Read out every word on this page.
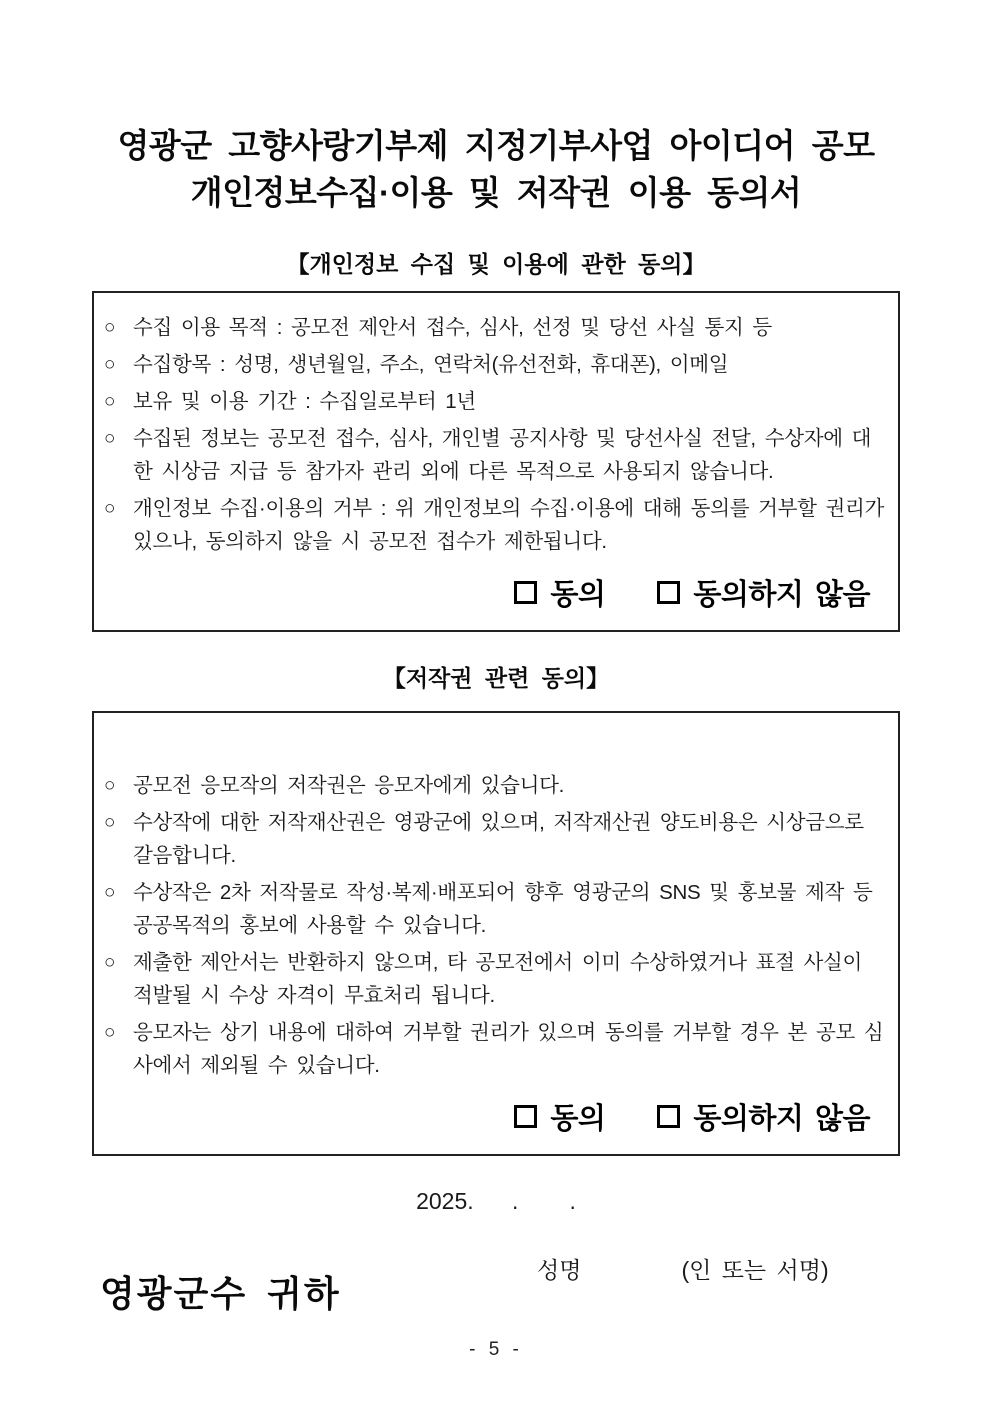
영광군 고향사랑기부제 지정기부사업 아이디어 공모
개인정보수집·이용 및 저작권 이용 동의서
【개인정보 수집 및 이용에 관한 동의】
○ 수집 이용 목적 : 공모전 제안서 접수, 심사, 선정 및 당선 사실 통지 등
○ 수집항목 : 성명, 생년월일, 주소, 연락처(유선전화, 휴대폰), 이메일
○ 보유 및 이용 기간 : 수집일로부터 1년
○ 수집된 정보는 공모전 접수, 심사, 개인별 공지사항 및 당선사실 전달, 수상자에 대한 시상금 지급 등 참가자 관리 외에 다른 목적으로 사용되지 않습니다.
○ 개인정보 수집·이용의 거부 : 위 개인정보의 수집·이용에 대해 동의를 거부할 권리가 있으나, 동의하지 않을 시 공모전 접수가 제한됩니다.
동의	동의하지 않음
【저작권 관련 동의】
○ 공모전 응모작의 저작권은 응모자에게 있습니다.
○ 수상작에 대한 저작재산권은 영광군에 있으며, 저작재산권 양도비용은 시상금으로 갈음합니다.
○ 수상작은 2차 저작물로 작성·복제·배포되어 향후 영광군의 SNS 및 홍보물 제작 등 공공목적의 홍보에 사용할 수 있습니다.
○ 제출한 제안서는 반환하지 않으며, 타 공모전에서 이미 수상하였거나 표절 사실이 적발될 시 수상 자격이 무효처리 됩니다.
○ 응모자는 상기 내용에 대하여 거부할 권리가 있으며 동의를 거부할 경우 본 공모 심사에서 제외될 수 있습니다.
동의	동의하지 않음
2025.      .        .
성명	(인 또는 서명)
영광군수 귀하
- 5 -
